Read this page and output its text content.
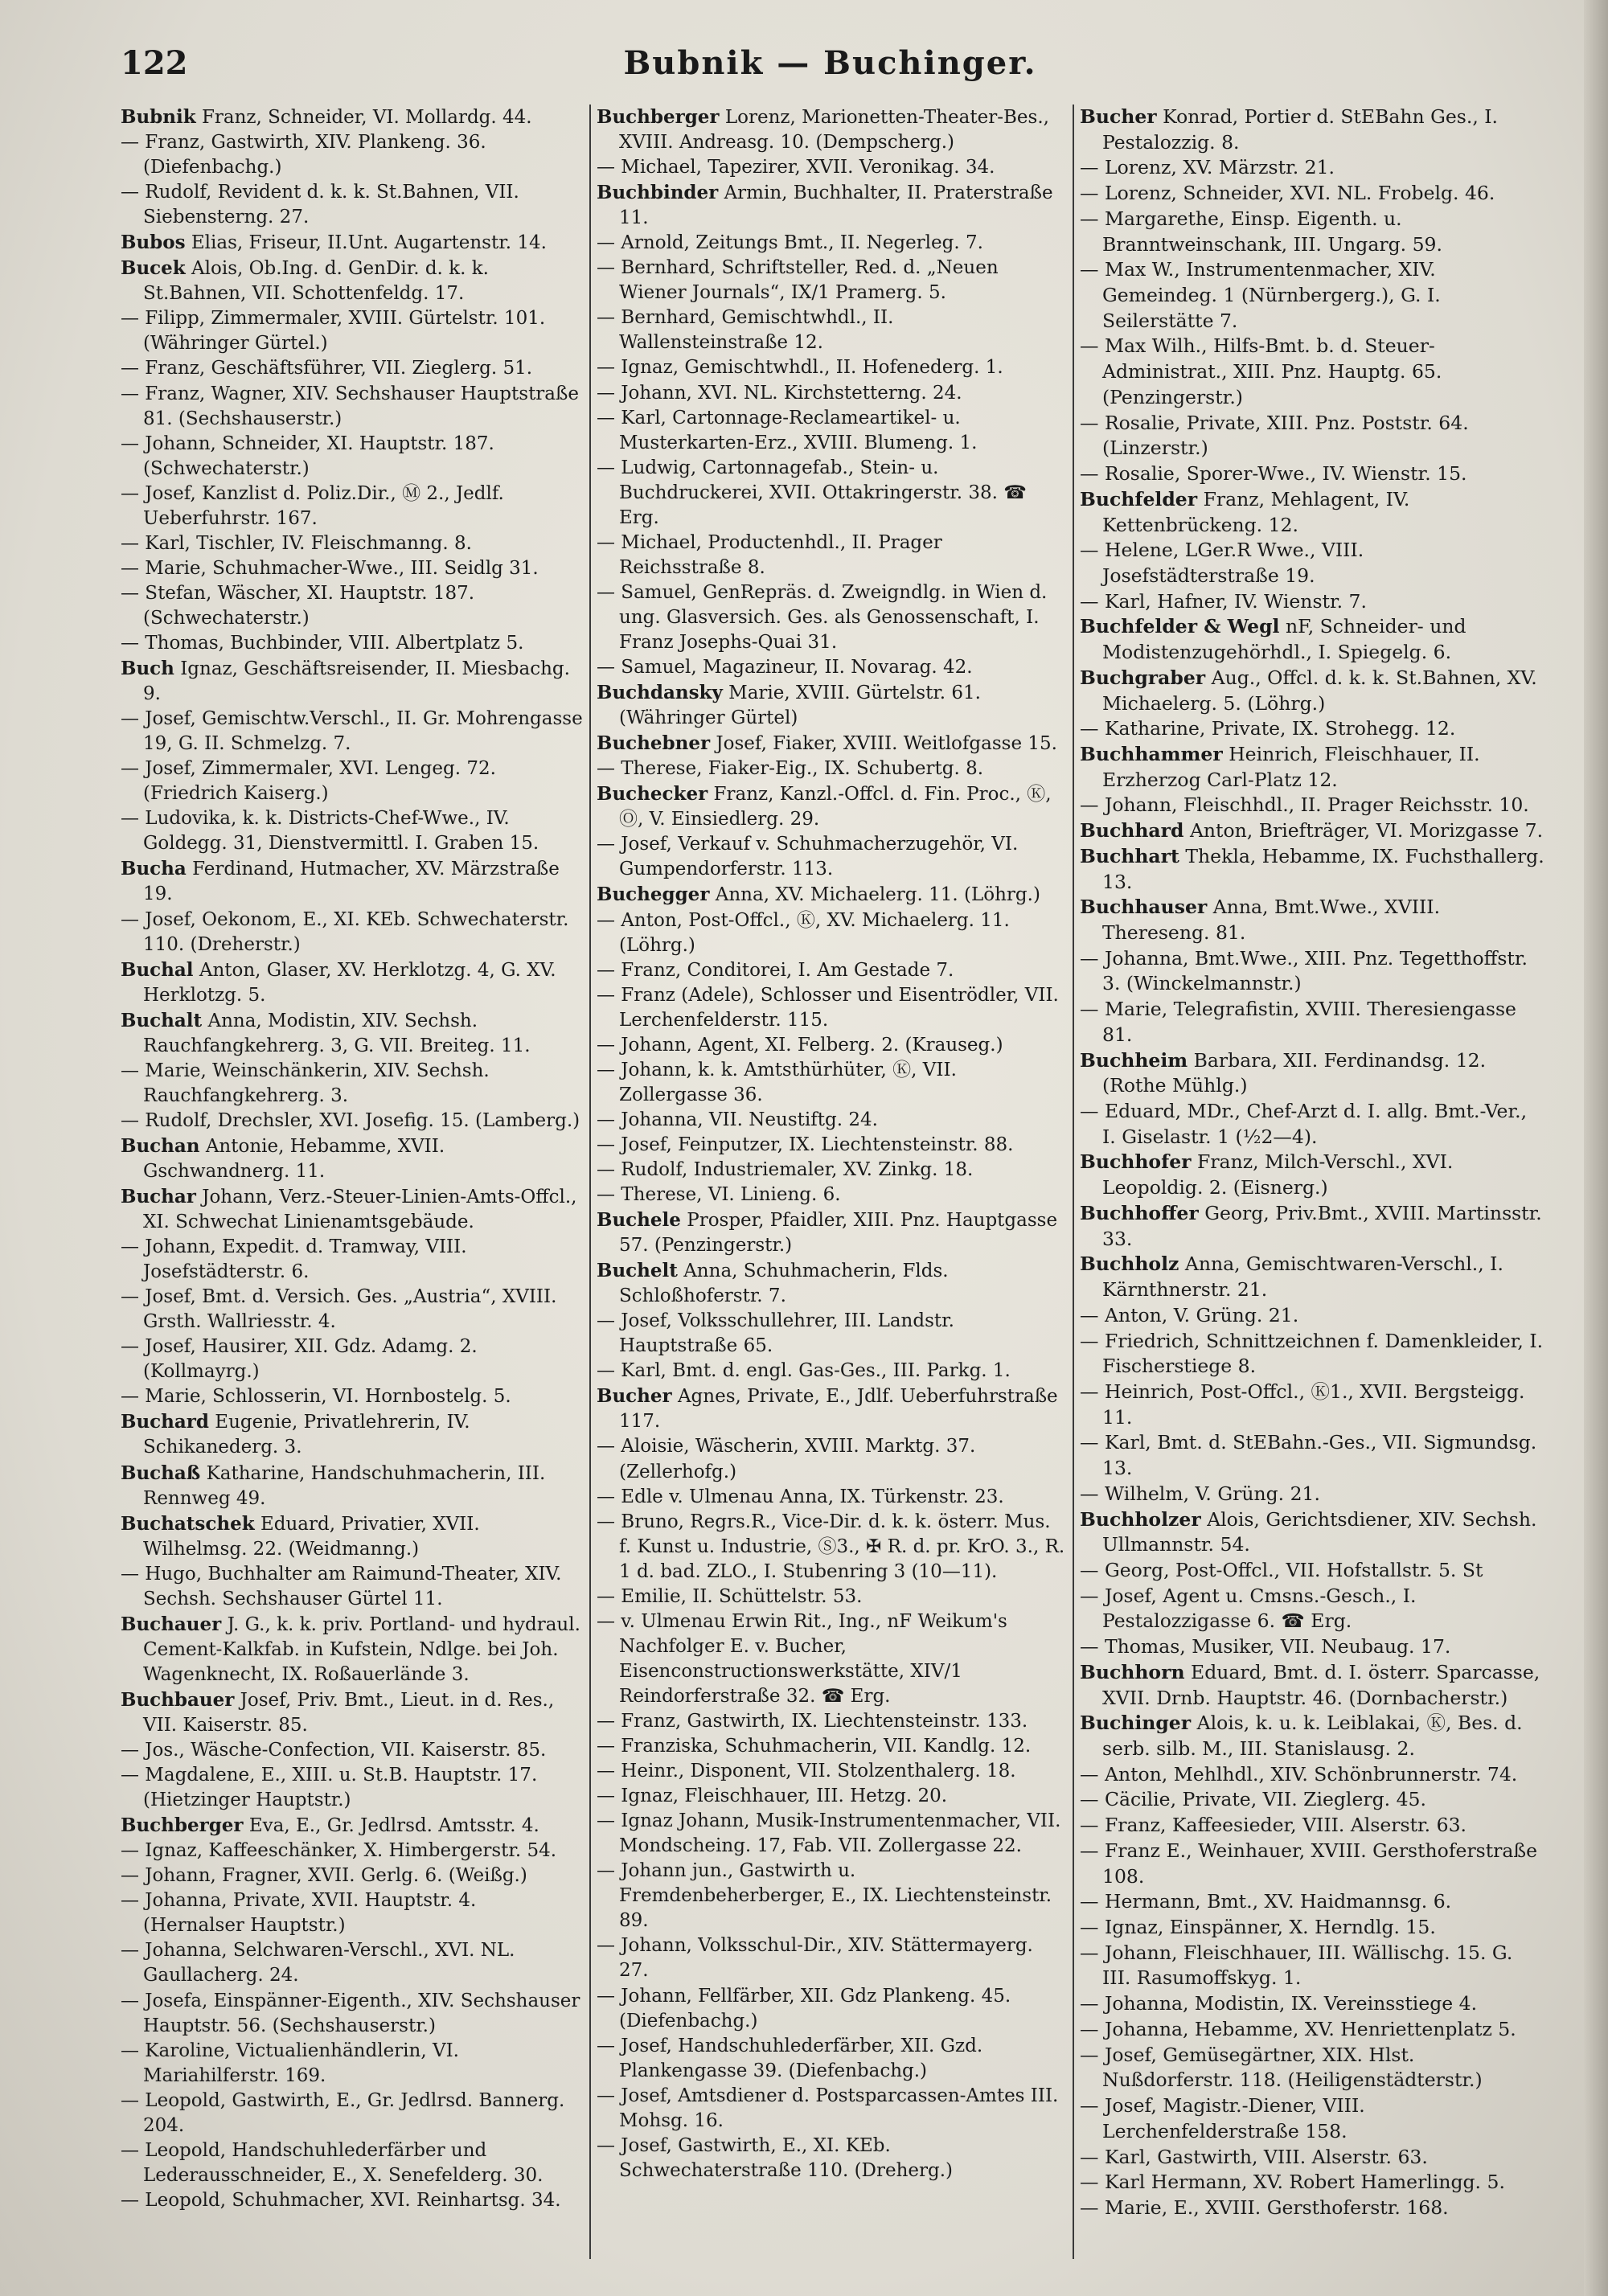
122	Bubnik — Buchinger.

Bubnik Franz, Schneider, VI. Mollardg. 44.

— Franz, Gastwirth, XIV. Plankeng. 36. (Diefenbachg.)

— Rudolf, Revident d. k. k. St.Bahnen, VII. Siebensterng. 27.

Bubos Elias, Friseur, II.Unt. Augartenstr. 14.

Bucek Alois, Ob.Ing. d. GenDir. d. k. k. St.Bahnen, VII. Schottenfeldg. 17.

— Filipp, Zimmermaler, XVIII. Gürtelstr. 101. (Währinger Gürtel.)

— Franz, Geschäftsführer, VII. Zieglerg. 51.

— Franz, Wagner, XIV. Sechshauser Hauptstraße 81. (Sechshauserstr.)

— Johann, Schneider, XI. Hauptstr. 187. (Schwechaterstr.)

— Josef, Kanzlist d. Poliz.Dir., Ⓜ 2., Jedlf. Ueberfuhrstr. 167.

— Karl, Tischler, IV. Fleischmanng. 8.

— Marie, Schuhmacher-Wwe., III. Seidlg 31.

— Stefan, Wäscher, XI. Hauptstr. 187. (Schwechaterstr.)

— Thomas, Buchbinder, VIII. Albertplatz 5.

Buch Ignaz, Geschäftsreisender, II. Miesbachg. 9.

— Josef, Gemischtw.Verschl., II. Gr. Mohrengasse 19, G. II. Schmelzg. 7.

— Josef, Zimmermaler, XVI. Lengeg. 72. (Friedrich Kaiserg.)

— Ludovika, k. k. Districts-Chef-Wwe., IV. Goldegg. 31, Dienstvermittl. I. Graben 15.

Bucha Ferdinand, Hutmacher, XV. Märzstraße 19.

— Josef, Oekonom, E., XI. KEb. Schwechaterstr. 110. (Dreherstr.)

Buchal Anton, Glaser, XV. Herklotzg. 4, G. XV. Herklotzg. 5.

Buchalt Anna, Modistin, XIV. Sechsh. Rauchfangkehrerg. 3, G. VII. Breiteg. 11.

— Marie, Weinschänkerin, XIV. Sechsh. Rauchfangkehrerg. 3.

— Rudolf, Drechsler, XVI. Josefig. 15. (Lamberg.)

Buchan Antonie, Hebamme, XVII. Gschwandnerg. 11.

Buchar Johann, Verz.-Steuer-Linien-Amts-Offcl., XI. Schwechat Linienamtsgebäude.

— Johann, Expedit. d. Tramway, VIII. Josefstädterstr. 6.

— Josef, Bmt. d. Versich. Ges. „Austria“, XVIII. Grsth. Wallriesstr. 4.

— Josef, Hausirer, XII. Gdz. Adamg. 2. (Kollmayrg.)

— Marie, Schlosserin, VI. Hornbostelg. 5.

Buchard Eugenie, Privatlehrerin, IV. Schikanederg. 3.

Buchaß Katharine, Handschuhmacherin, III. Rennweg 49.

Buchatschek Eduard, Privatier, XVII. Wilhelmsg. 22. (Weidmanng.)

— Hugo, Buchhalter am Raimund-Theater, XIV. Sechsh. Sechshauser Gürtel 11.

Buchauer J. G., k. k. priv. Portland- und hydraul. Cement-Kalkfab. in Kufstein, Ndlge. bei Joh. Wagenknecht, IX. Roßauerlände 3.

Buchbauer Josef, Priv. Bmt., Lieut. in d. Res., VII. Kaiserstr. 85.

— Jos., Wäsche-Confection, VII. Kaiserstr. 85.

— Magdalene, E., XIII. u. St.B. Hauptstr. 17. (Hietzinger Hauptstr.)

Buchberger Eva, E., Gr. Jedlrsd. Amtsstr. 4.

— Ignaz, Kaffeeschänker, X. Himbergerstr. 54.

— Johann, Fragner, XVII. Gerlg. 6. (Weißg.)

— Johanna, Private, XVII. Hauptstr. 4. (Hernalser Hauptstr.)

— Johanna, Selchwaren-Verschl., XVI. NL. Gaullacherg. 24.

— Josefa, Einspänner-Eigenth., XIV. Sechshauser Hauptstr. 56. (Sechshauserstr.)

— Karoline, Victualienhändlerin, VI. Mariahilferstr. 169.

— Leopold, Gastwirth, E., Gr. Jedlrsd. Bannerg. 204.

— Leopold, Handschuhlederfärber und Lederausschneider, E., X. Senefelderg. 30.

— Leopold, Schuhmacher, XVI. Reinhartsg. 34.

Buchberger Lorenz, Marionetten-Theater-Bes., XVIII. Andreasg. 10. (Dempscherg.)

— Michael, Tapezirer, XVII. Veronikag. 34.

Buchbinder Armin, Buchhalter, II. Praterstraße 11.

— Arnold, Zeitungs Bmt., II. Negerleg. 7.

— Bernhard, Schriftsteller, Red. d. „Neuen Wiener Journals“, IX/1 Pramerg. 5.

— Bernhard, Gemischtwhdl., II. Wallensteinstraße 12.

— Ignaz, Gemischtwhdl., II. Hofenederg. 1.

— Johann, XVI. NL. Kirchstetterng. 24.

— Karl, Cartonnage-Reclameartikel- u. Musterkarten-Erz., XVIII. Blumeng. 1.

— Ludwig, Cartonnagefab., Stein- u. Buchdruckerei, XVII. Ottakringerstr. 38. ☎ Erg.

— Michael, Productenhdl., II. Prager Reichsstraße 8.

— Samuel, GenRepräs. d. Zweigndlg. in Wien d. ung. Glasversich. Ges. als Genossenschaft, I. Franz Josephs-Quai 31.

— Samuel, Magazineur, II. Novarag. 42.

Buchdansky Marie, XVIII. Gürtelstr. 61. (Währinger Gürtel)

Buchebner Josef, Fiaker, XVIII. Weitlofgasse 15.

— Therese, Fiaker-Eig., IX. Schubertg. 8.

Buchecker Franz, Kanzl.-Offcl. d. Fin. Proc., Ⓚ, Ⓞ, V. Einsiedlerg. 29.

— Josef, Verkauf v. Schuhmacherzugehör, VI. Gumpendorferstr. 113.

Buchegger Anna, XV. Michaelerg. 11. (Löhrg.)

— Anton, Post-Offcl., Ⓚ, XV. Michaelerg. 11. (Löhrg.)

— Franz, Conditorei, I. Am Gestade 7.

— Franz (Adele), Schlosser und Eisentrödler, VII. Lerchenfelderstr. 115.

— Johann, Agent, XI. Felberg. 2. (Krauseg.)

— Johann, k. k. Amtsthürhüter, Ⓚ, VII. Zollergasse 36.

— Johanna, VII. Neustiftg. 24.

— Josef, Feinputzer, IX. Liechtensteinstr. 88.

— Rudolf, Industriemaler, XV. Zinkg. 18.

— Therese, VI. Linieng. 6.

Buchele Prosper, Pfaidler, XIII. Pnz. Hauptgasse 57. (Penzingerstr.)

Buchelt Anna, Schuhmacherin, Flds. Schloßhoferstr. 7.

— Josef, Volksschullehrer, III. Landstr. Hauptstraße 65.

— Karl, Bmt. d. engl. Gas-Ges., III. Parkg. 1.

Bucher Agnes, Private, E., Jdlf. Ueberfuhrstraße 117.

— Aloisie, Wäscherin, XVIII. Marktg. 37. (Zellerhofg.)

— Edle v. Ulmenau Anna, IX. Türkenstr. 23.

— Bruno, Regrs.R., Vice-Dir. d. k. k. österr. Mus. f. Kunst u. Industrie, Ⓢ3., ✠ R. d. pr. KrO. 3., R. 1 d. bad. ZLO., I. Stubenring 3 (10—11).

— Emilie, II. Schüttelstr. 53.

— v. Ulmenau Erwin Rit., Ing., nF Weikum's Nachfolger E. v. Bucher, Eisenconstructionswerkstätte, XIV/1 Reindorferstraße 32. ☎ Erg.

— Franz, Gastwirth, IX. Liechtensteinstr. 133.

— Franziska, Schuhmacherin, VII. Kandlg. 12.

— Heinr., Disponent, VII. Stolzenthalerg. 18.

— Ignaz, Fleischhauer, III. Hetzg. 20.

— Ignaz Johann, Musik-Instrumentenmacher, VII. Mondscheing. 17, Fab. VII. Zollergasse 22.

— Johann jun., Gastwirth u. Fremdenbeherberger, E., IX. Liechtensteinstr. 89.

— Johann, Volksschul-Dir., XIV. Stättermayerg. 27.

— Johann, Fellfärber, XII. Gdz Plankeng. 45. (Diefenbachg.)

— Josef, Handschuhlederfärber, XII. Gzd. Plankengasse 39. (Diefenbachg.)

— Josef, Amtsdiener d. Postsparcassen-Amtes III. Mohsg. 16.

— Josef, Gastwirth, E., XI. KEb. Schwechaterstraße 110. (Dreherg.)

Bucher Konrad, Portier d. StEBahn Ges., I. Pestalozzig. 8.

— Lorenz, XV. Märzstr. 21.

— Lorenz, Schneider, XVI. NL. Frobelg. 46.

— Margarethe, Einsp. Eigenth. u. Branntweinschank, III. Ungarg. 59.

— Max W., Instrumentenmacher, XIV. Gemeindeg. 1 (Nürnbergerg.), G. I. Seilerstätte 7.

— Max Wilh., Hilfs-Bmt. b. d. Steuer-Administrat., XIII. Pnz. Hauptg. 65. (Penzingerstr.)

— Rosalie, Private, XIII. Pnz. Poststr. 64. (Linzerstr.)

— Rosalie, Sporer-Wwe., IV. Wienstr. 15.

Buchfelder Franz, Mehlagent, IV. Kettenbrückeng. 12.

— Helene, LGer.R Wwe., VIII. Josefstädterstraße 19.

— Karl, Hafner, IV. Wienstr. 7.

Buchfelder & Wegl nF, Schneider- und Modistenzugehörhdl., I. Spiegelg. 6.

Buchgraber Aug., Offcl. d. k. k. St.Bahnen, XV. Michaelerg. 5. (Löhrg.)

— Katharine, Private, IX. Strohegg. 12.

Buchhammer Heinrich, Fleischhauer, II. Erzherzog Carl-Platz 12.

— Johann, Fleischhdl., II. Prager Reichsstr. 10.

Buchhard Anton, Briefträger, VI. Morizgasse 7.

Buchhart Thekla, Hebamme, IX. Fuchsthallerg. 13.

Buchhauser Anna, Bmt.Wwe., XVIII. Thereseng. 81.

— Johanna, Bmt.Wwe., XIII. Pnz. Tegetthoffstr. 3. (Winckelmannstr.)

— Marie, Telegrafistin, XVIII. Theresiengasse 81.

Buchheim Barbara, XII. Ferdinandsg. 12. (Rothe Mühlg.)

— Eduard, MDr., Chef-Arzt d. I. allg. Bmt.-Ver., I. Giselastr. 1 (½2—4).

Buchhofer Franz, Milch-Verschl., XVI. Leopoldig. 2. (Eisnerg.)

Buchhoffer Georg, Priv.Bmt., XVIII. Martinsstr. 33.

Buchholz Anna, Gemischtwaren-Verschl., I. Kärnthnerstr. 21.

— Anton, V. Grüng. 21.

— Friedrich, Schnittzeichnen f. Damenkleider, I. Fischerstiege 8.

— Heinrich, Post-Offcl., Ⓚ1., XVII. Bergsteigg. 11.

— Karl, Bmt. d. StEBahn.-Ges., VII. Sigmundsg. 13.

— Wilhelm, V. Grüng. 21.

Buchholzer Alois, Gerichtsdiener, XIV. Sechsh. Ullmannstr. 54.

— Georg, Post-Offcl., VII. Hofstallstr. 5. St

— Josef, Agent u. Cmsns.-Gesch., I. Pestalozzigasse 6. ☎ Erg.

— Thomas, Musiker, VII. Neubaug. 17.

Buchhorn Eduard, Bmt. d. I. österr. Sparcasse, XVII. Drnb. Hauptstr. 46. (Dornbacherstr.)

Buchinger Alois, k. u. k. Leiblakai, Ⓚ, Bes. d. serb. silb. M., III. Stanislausg. 2.

— Anton, Mehlhdl., XIV. Schönbrunnerstr. 74.

— Cäcilie, Private, VII. Zieglerg. 45.

— Franz, Kaffeesieder, VIII. Alserstr. 63.

— Franz E., Weinhauer, XVIII. Gersthoferstraße 108.

— Hermann, Bmt., XV. Haidmannsg. 6.

— Ignaz, Einspänner, X. Herndlg. 15.

— Johann, Fleischhauer, III. Wällischg. 15. G. III. Rasumoffskyg. 1.

— Johanna, Modistin, IX. Vereinsstiege 4.

— Johanna, Hebamme, XV. Henriettenplatz 5.

— Josef, Gemüsegärtner, XIX. Hlst. Nußdorferstr. 118. (Heiligenstädterstr.)

— Josef, Magistr.-Diener, VIII. Lerchenfelderstraße 158.

— Karl, Gastwirth, VIII. Alserstr. 63.

— Karl Hermann, XV. Robert Hamerlingg. 5.

— Marie, E., XVIII. Gersthoferstr. 168.
